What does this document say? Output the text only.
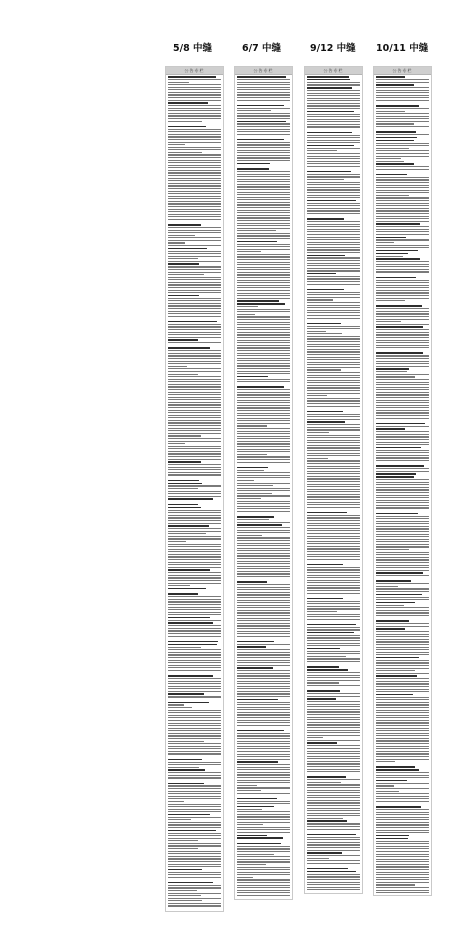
5/8 中缝	6/7 中缝	9/12 中缝 10/11 中缝
公告专栏	公告专栏	公告专栏	公告专栏
